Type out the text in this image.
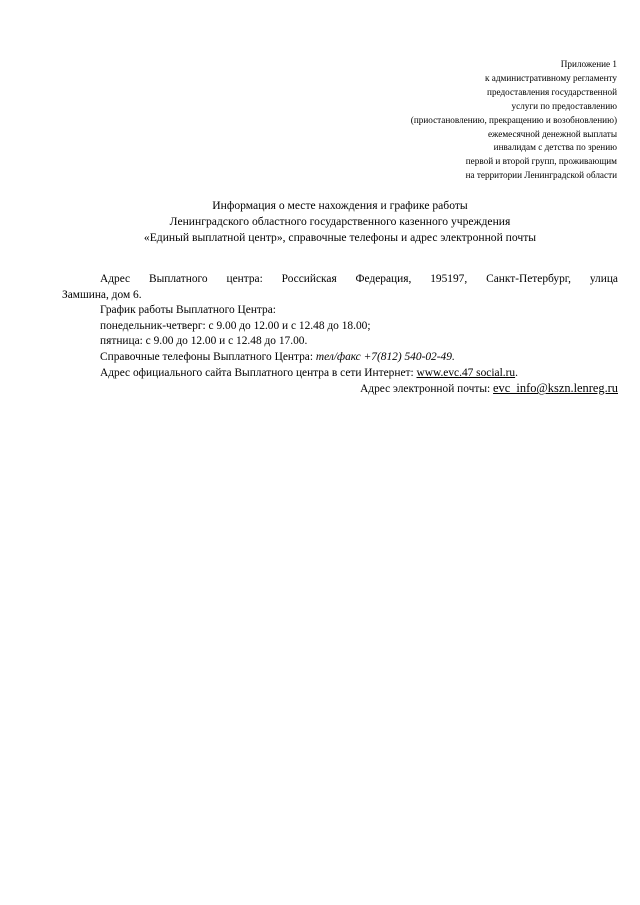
Приложение 1
к административному регламенту
предоставления государственной
услуги по предоставлению
(приостановлению, прекращению и возобновлению)
ежемесячной денежной выплаты
инвалидам с детства по зрению
первой и второй групп, проживающим
на территории Ленинградской области
Информация о месте нахождения и графике работы
Ленинградского областного государственного казенного учреждения
«Единый выплатной центр», справочные телефоны и адрес электронной почты
Адрес Выплатного центра: Российская Федерация, 195197, Санкт-Петербург, улица
Замшина, дом 6.
График работы Выплатного Центра:
понедельник-четверг: с 9.00 до 12.00 и с 12.48 до 18.00;
пятница: с 9.00 до 12.00 и с 12.48 до 17.00.
Справочные телефоны Выплатного Центра: тел/факс +7(812) 540-02-49.
Адрес официального сайта Выплатного центра в сети Интернет: www.evc.47 social.ru.
Адрес электронной почты: evc_info@kszn.lenreg.ru
